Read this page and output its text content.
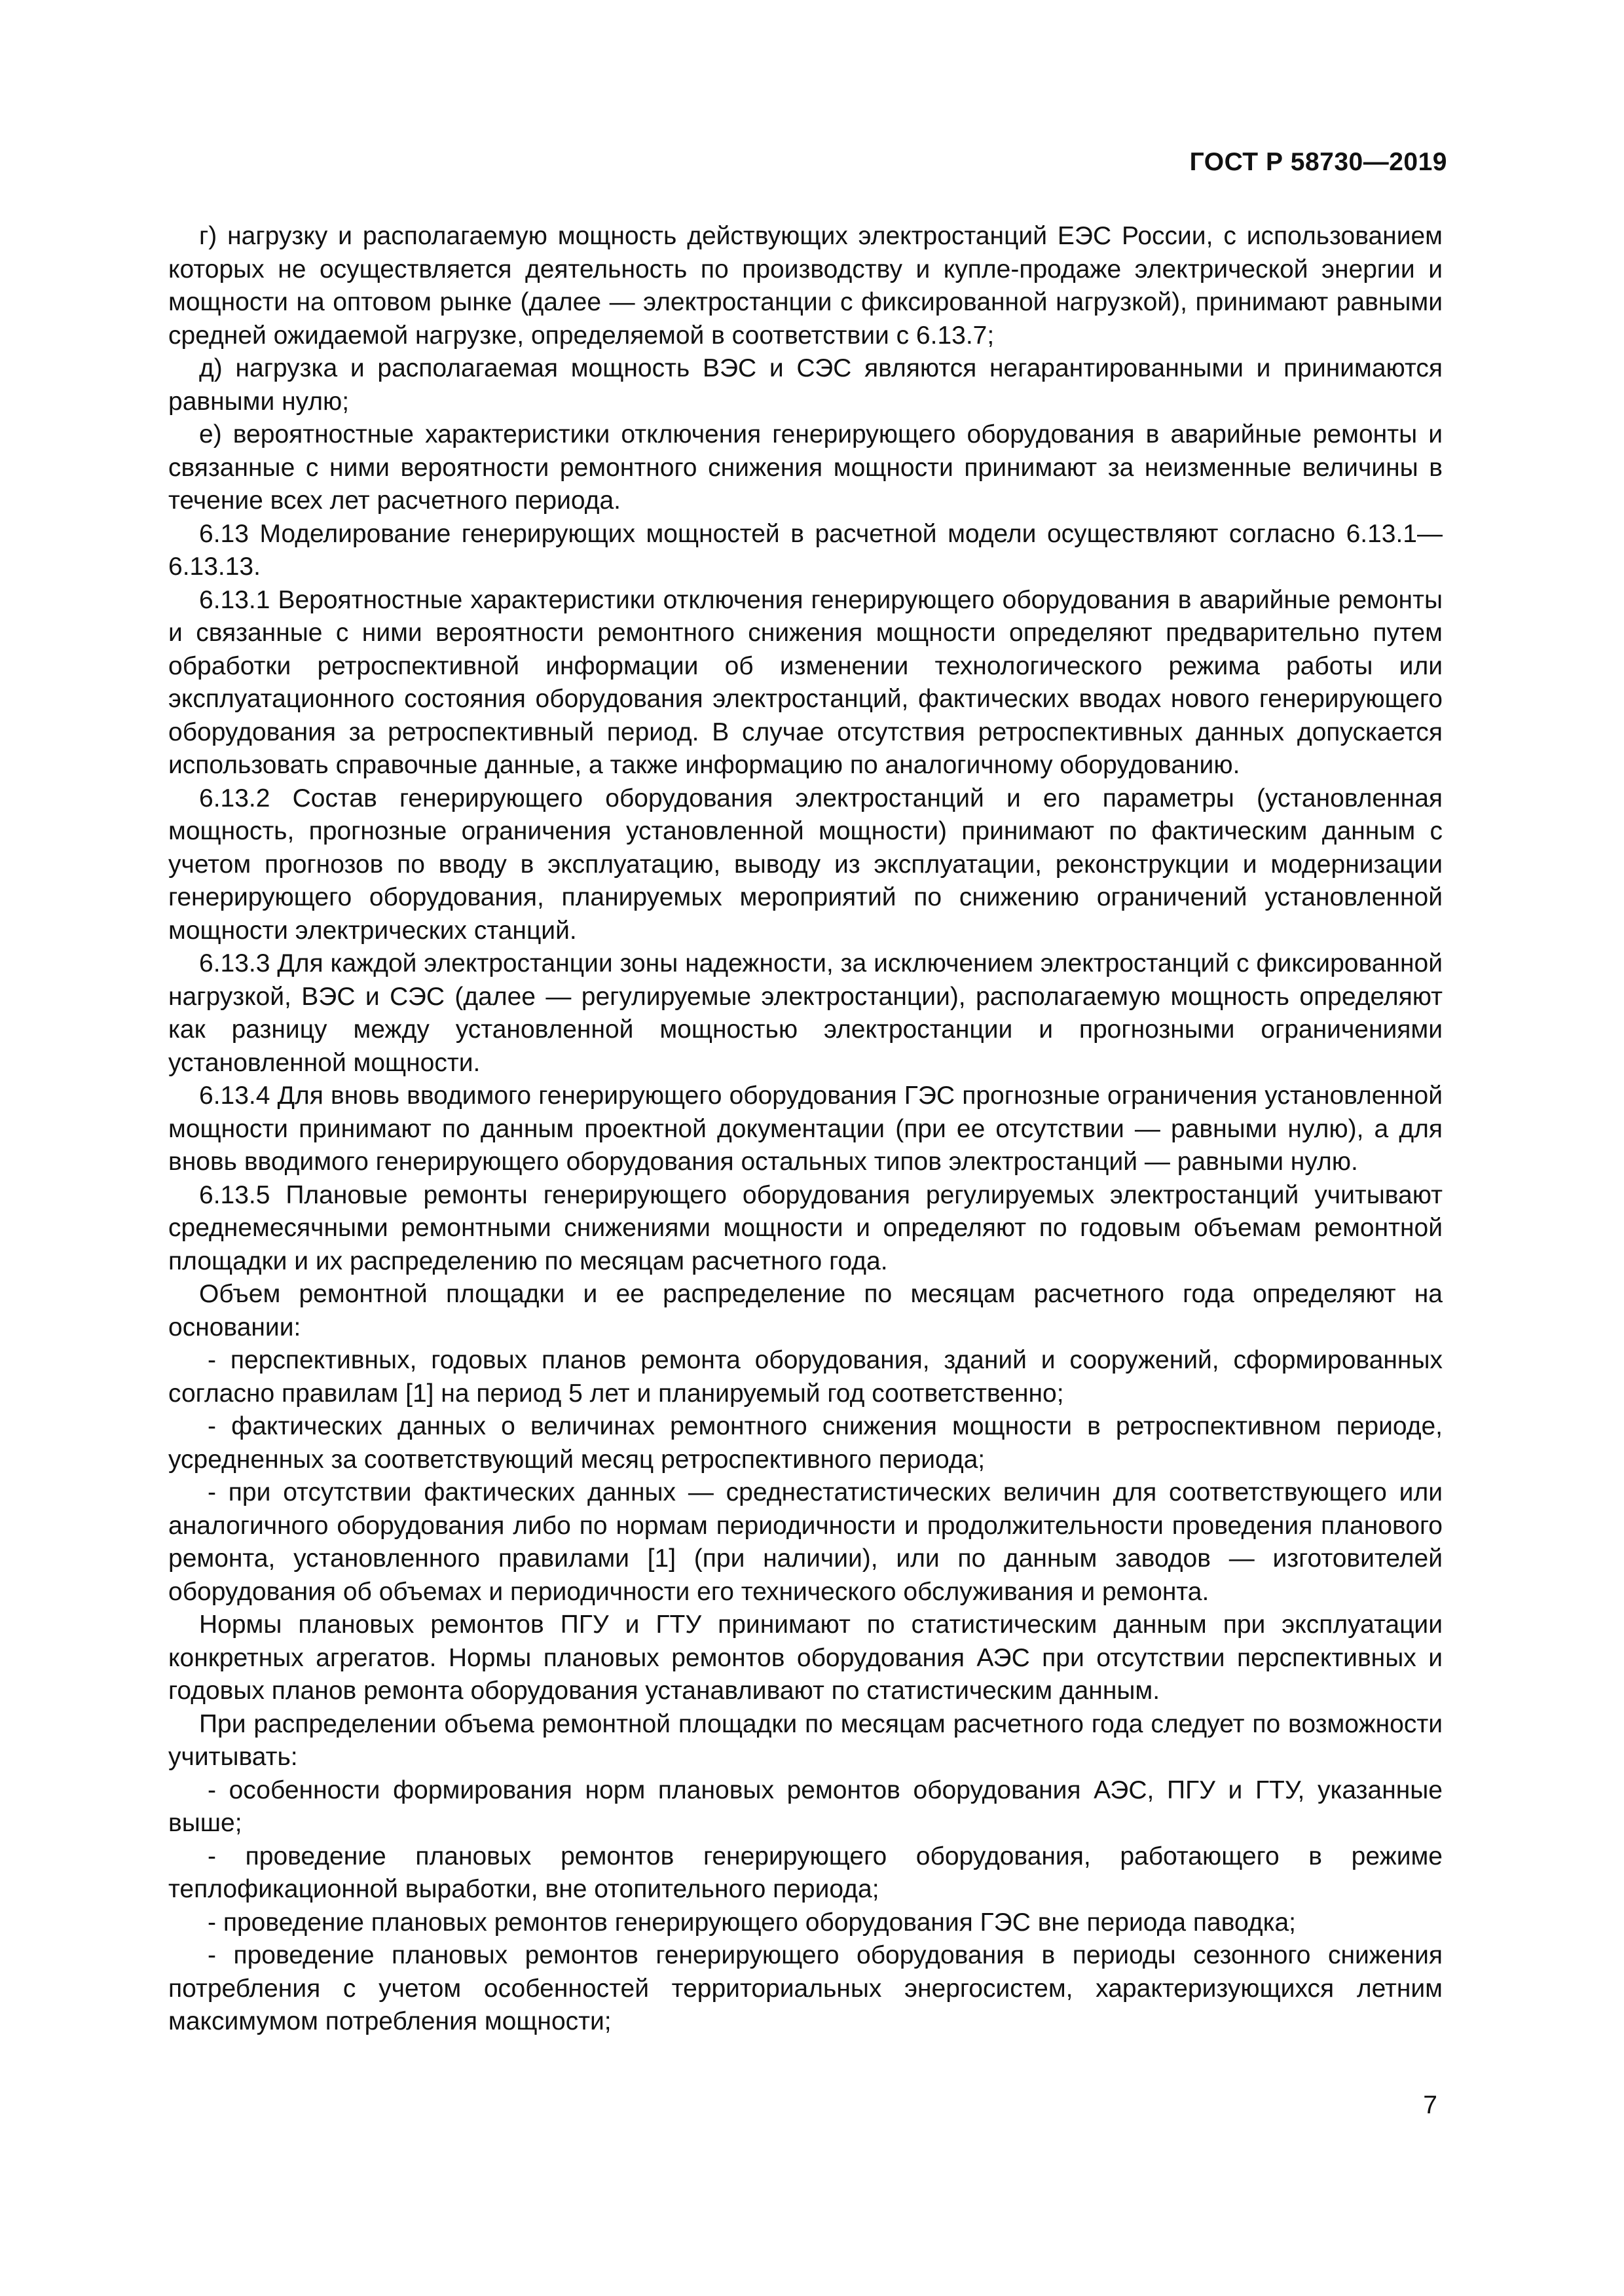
ГОСТ Р 58730—2019

г) нагрузку и располагаемую мощность действующих электростанций ЕЭС России, с использованием которых не осуществляется деятельность по производству и купле-продаже электрической энергии и мощности на оптовом рынке (далее — электростанции с фиксированной нагрузкой), принимают равными средней ожидаемой нагрузке, определяемой в соответствии с 6.13.7;

д) нагрузка и располагаемая мощность ВЭС и СЭС являются негарантированными и принимаются равными нулю;

е) вероятностные характеристики отключения генерирующего оборудования в аварийные ремонты и связанные с ними вероятности ремонтного снижения мощности принимают за неизменные величины в течение всех лет расчетного периода.

6.13 Моделирование генерирующих мощностей в расчетной модели осуществляют согласно 6.13.1—6.13.13.

6.13.1 Вероятностные характеристики отключения генерирующего оборудования в аварийные ремонты и связанные с ними вероятности ремонтного снижения мощности определяют предварительно путем обработки ретроспективной информации об изменении технологического режима работы или эксплуатационного состояния оборудования электростанций, фактических вводах нового генерирующего оборудования за ретроспективный период. В случае отсутствия ретроспективных данных допускается использовать справочные данные, а также информацию по аналогичному оборудованию.

6.13.2 Состав генерирующего оборудования электростанций и его параметры (установленная мощность, прогнозные ограничения установленной мощности) принимают по фактическим данным с учетом прогнозов по вводу в эксплуатацию, выводу из эксплуатации, реконструкции и модернизации генерирующего оборудования, планируемых мероприятий по снижению ограничений установленной мощности электрических станций.

6.13.3 Для каждой электростанции зоны надежности, за исключением электростанций с фиксированной нагрузкой, ВЭС и СЭС (далее — регулируемые электростанции), располагаемую мощность определяют как разницу между установленной мощностью электростанции и прогнозными ограничениями установленной мощности.

6.13.4 Для вновь вводимого генерирующего оборудования ГЭС прогнозные ограничения установленной мощности принимают по данным проектной документации (при ее отсутствии — равными нулю), а для вновь вводимого генерирующего оборудования остальных типов электростанций — равными нулю.

6.13.5 Плановые ремонты генерирующего оборудования регулируемых электростанций учитывают среднемесячными ремонтными снижениями мощности и определяют по годовым объемам ремонтной площадки и их распределению по месяцам расчетного года.

Объем ремонтной площадки и ее распределение по месяцам расчетного года определяют на основании:

- перспективных, годовых планов ремонта оборудования, зданий и сооружений, сформированных согласно правилам [1] на период 5 лет и планируемый год соответственно;

- фактических данных о величинах ремонтного снижения мощности в ретроспективном периоде, усредненных за соответствующий месяц ретроспективного периода;

- при отсутствии фактических данных — среднестатистических величин для соответствующего или аналогичного оборудования либо по нормам периодичности и продолжительности проведения планового ремонта, установленного правилами [1] (при наличии), или по данным заводов — изготовителей оборудования об объемах и периодичности его технического обслуживания и ремонта.

Нормы плановых ремонтов ПГУ и ГТУ принимают по статистическим данным при эксплуатации конкретных агрегатов. Нормы плановых ремонтов оборудования АЭС при отсутствии перспективных и годовых планов ремонта оборудования устанавливают по статистическим данным.

При распределении объема ремонтной площадки по месяцам расчетного года следует по возможности учитывать:

- особенности формирования норм плановых ремонтов оборудования АЭС, ПГУ и ГТУ, указанные выше;

- проведение плановых ремонтов генерирующего оборудования, работающего в режиме теплофикационной выработки, вне отопительного периода;

- проведение плановых ремонтов генерирующего оборудования ГЭС вне периода паводка;

- проведение плановых ремонтов генерирующего оборудования в периоды сезонного снижения потребления с учетом особенностей территориальных энергосистем, характеризующихся летним максимумом потребления мощности;

7
